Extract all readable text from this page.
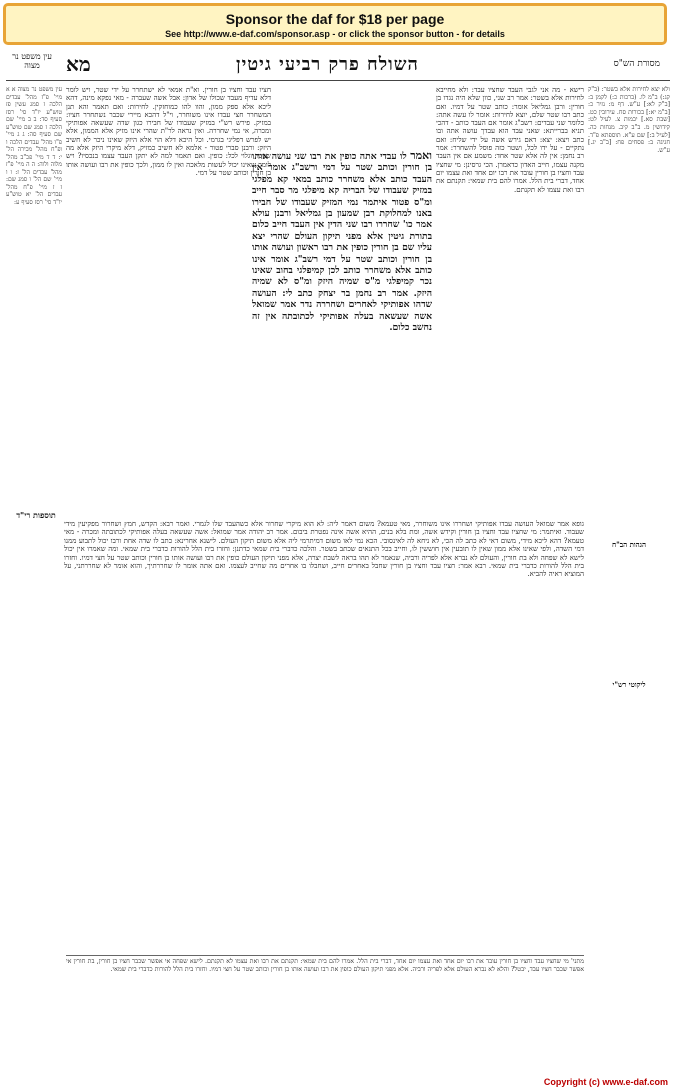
Sponsor the daf for $18 per page
See http://www.e-daf.com/sponsor.asp - or click the sponsor button - for details
מסורת הש"ס
השולח פרק רביעי גיטין
מא
עין משפט נר מצוה
ולא יצא לחירות אלא בשטר: (ב"ק קג:) ב"מ לו. (ברכות כ:) לקמן ב: [ב"ק לא:] ע"ש. דף מ: נזיר כ: [ב"מ יא:] בכורות סח. עירובין כט. [שבת סא.] יבמות צ. לעיל לט: קידושין מ. ב"ב קיב. מנחות כה. [לעיל ב:] שם ע"א. תוספתא פ"ד. חגיגה ב: פסחים פח: [ב"ב יג.] ע"ש.
רישא - מה אני לגבי העבד שחציו עבד: ולא מחייבא לחירות אלא בשטר: אמר רב שני, כוון שלא היה נגדו בן חורין: ורבן גמליאל אומר: כותב שטר על דמיו. ואם כתב רבו שטר שלם, יוצא לחירות: אומר לו עשה אתה: כלומר שני עבדים: רשב"ג אומר אם העבד כותב - דהכי תניא בברייתא: שאני עבד הוא עבדך עושה אתה ובו כתב ויצא: יצא: דאם גירש אשה על ידי שליח: ואם נתקיים - על ידו לכל, ושטר כזה פוסל להשחרר: אמר רב נחמן: אין לה אלא שטר אחד: משמע אם אין העבד מקנה עצמו, חייב האדון כדאמרן. הכי גרסינן: מי שחציו עבד וחציו בן חורין עובד את רבו יום אחד ואת עצמו יום אחד, דברי בית הלל. אמרו להם בית שמאי: תקנתם את רבו ואת עצמו לא תקנתם.
ואמר לו עבדי אתה כופין את רבו שני עושה אותו בן חורין וכותב שטר על דמי ורשב"ג אומר אין העבד כותב אלא משחרר כותב במאי קא מפלגי במזיק שעבודו של הבריה קא מיפלגי מר סבר חייב ומ"ס פטור איתמר נמי המזיק שעבודו של חבירו באנו למחלוקת רבן שמעון בן גמליאל ורבנן עולא אמר כו' שחררו רבו שני הדין אין העבד חייב כלום בתורת גיטין אלא מפני תיקון העולם שהרי יצא עליו שם בן חורין כופין את רבו ראשון ועושה אותו בן חורין וכותב שטר על דמי רשב"ג אומר אינו כותב אלא משחרר כותב לכן קמיפלגי בחוב שאינו נכר קמיפלגי מ"ס שמיה היזק ומ"ס לא שמיה היזק. אמר רב נחמן בר יצחק כתב לי: העושה שדהו אפותיקי לאחרים ושחררה נדר אמר שמואל אשה שעשאה בעלה אפותיקי לכתובתה אין זה נחשב כלום.
חציו עבד וחציו בן חורין. וא"ת אמאי לא ישתחרר על ידי שטר, ויש לומר דלא עדיף מעבד שכולו של אדון: אבל אשה שעברה - מאי נפקא מינה, דהא ליכא אלא ספק ממון, והוו להו כמוחזקין. לחירות: ואם תאמר והא תנן המשחרר חצי עבדו אינו משוחרר, וי"ל דהכא מיירי שכבר נשתחרר חציו: במזיק. פירש רש"י במזיק שעבודו של חבירו כגון שדה שעשאה אפותיקי ומכרה, אי נמי שחררה. ואין נראה לר"ת שהרי אינו מזיק אלא הממון, אלא יש לפרש דפליגי בגרמי. וכל היכא דלא הוי אלא היזק שאינו ניכר לא חשיב היזק: ורבנן סברי פטור - אלמא לא חשיב כמזיק, דלא מיקרי היזק אלא מה שניכר וגלוי לכל: כופין. ואם תאמר למה לא יתקן העבד עצמו בנכסיו? ויש לומר שאינו יכול לעשות מלאכה ואין לו ממון, ולכך כופין את רבו ועושה אותו בן חורין וכותב שטר על דמי.
עין משפט נר מצוה א א מיי' פ"ז מהל' עבדים הלכה ז סמג עשין פז טוש"ע יו"ד סי' רסז סעיף סד: ב ב מיי' שם הלכה ז סמג שם טוש"ע שם סעיף סה: ג ג מיי' פ"ו מהל' עבדים הלכה ו ופ"ח מהל' מכירה הל' י: ד ד מיי' פכ"ב מהל' מלוה ולוה: ה ה מיי' פ"ז מהל' עבדים הל' ז: ו ו מיי' שם הל' ו סמג שם: ז ז מיי' פ"ח מהל' עבדים הל' יא טוש"ע יו"ד סי' רסז סעיף ע:
תוספות רי"ד
הגהות הב"ח
ליקוטי רש"י
גופא אמר שמואל העושה עבדו אפותיקי ושחררו אינו משוחרר, מאי טעמא? משום דאמר ליה: לא הוא מיקרי שחרור אלא כשהעבד שלו לגמרי. ואמר רבא: הקדש, חמץ ושחרור מפקיעין מידי שעבוד. ואיתמר: מי שחציו עבד וחציו בן חורין וקידש אשה, ומת בלא בנים, ההיא אשה אינה נפטרת ביבום. אמר רב יהודה אמר שמואל: אשה שעשאה בעלה אפותיקי לכתובתה ומכרה - מאי טעמא? דהא ליכא מידי, משום דאי לא כתב לה הכי, לא ניחא לה לאינסובי. הכא נמי לאו משום דמיתרמי ליה אלא משום תיקון העולם. לישנא אחרינא: כתב לו שדה אחת ורבו יכול לתבוע ממנו דמי השדה, ולפי שאינו אלא ממון שאין לו תובעין אין חוששין לו, וחייב בכל התנאים שכתב בשטר. והלכה כדברי בית שמאי כדתנן: וחזרו בית הלל להורות כדברי בית שמאי. ומה שאמרו אין יכול לישא לא שפחה ולא בת חורין, והעולם לא נברא אלא לפריה ורביה, שנאמר לא תהו בראה לשבת יצרה, אלא מפני תיקון העולם כופין את רבו ועושה אותו בן חורין וכותב שטר על חצי דמיו. וחזרו בית הלל להורות כדברי בית שמאי. רבא אמר: חציו עבד וחציו בן חורין שחבל באחרים חייב, ושחבלו בו אחרים מה שחייב לעצמו. ואם אתה אומר לו שחררתיך, והוא אומר לא שחררתני, על המוציא ראיה להביא.
מתני' מי שחציו עבד וחציו בן חורין עובד את רבו יום אחד ואת עצמו יום אחד, דברי בית הלל. אמרו להם בית שמאי: תקנתם את רבו ואת עצמו לא תקנתם. לישא שפחה אי אפשר שכבר חציו בן חורין, בת חורין אי אפשר שכבר חציו עבד, יבטל? והלא לא נברא העולם אלא לפריה ורביה. אלא מפני תיקון העולם כופין את רבו ועושה אותו בן חורין וכותב שטר על חצי דמיו. וחזרו בית הלל להורות כדברי בית שמאי.
Copyright (c) www.e-daf.com
